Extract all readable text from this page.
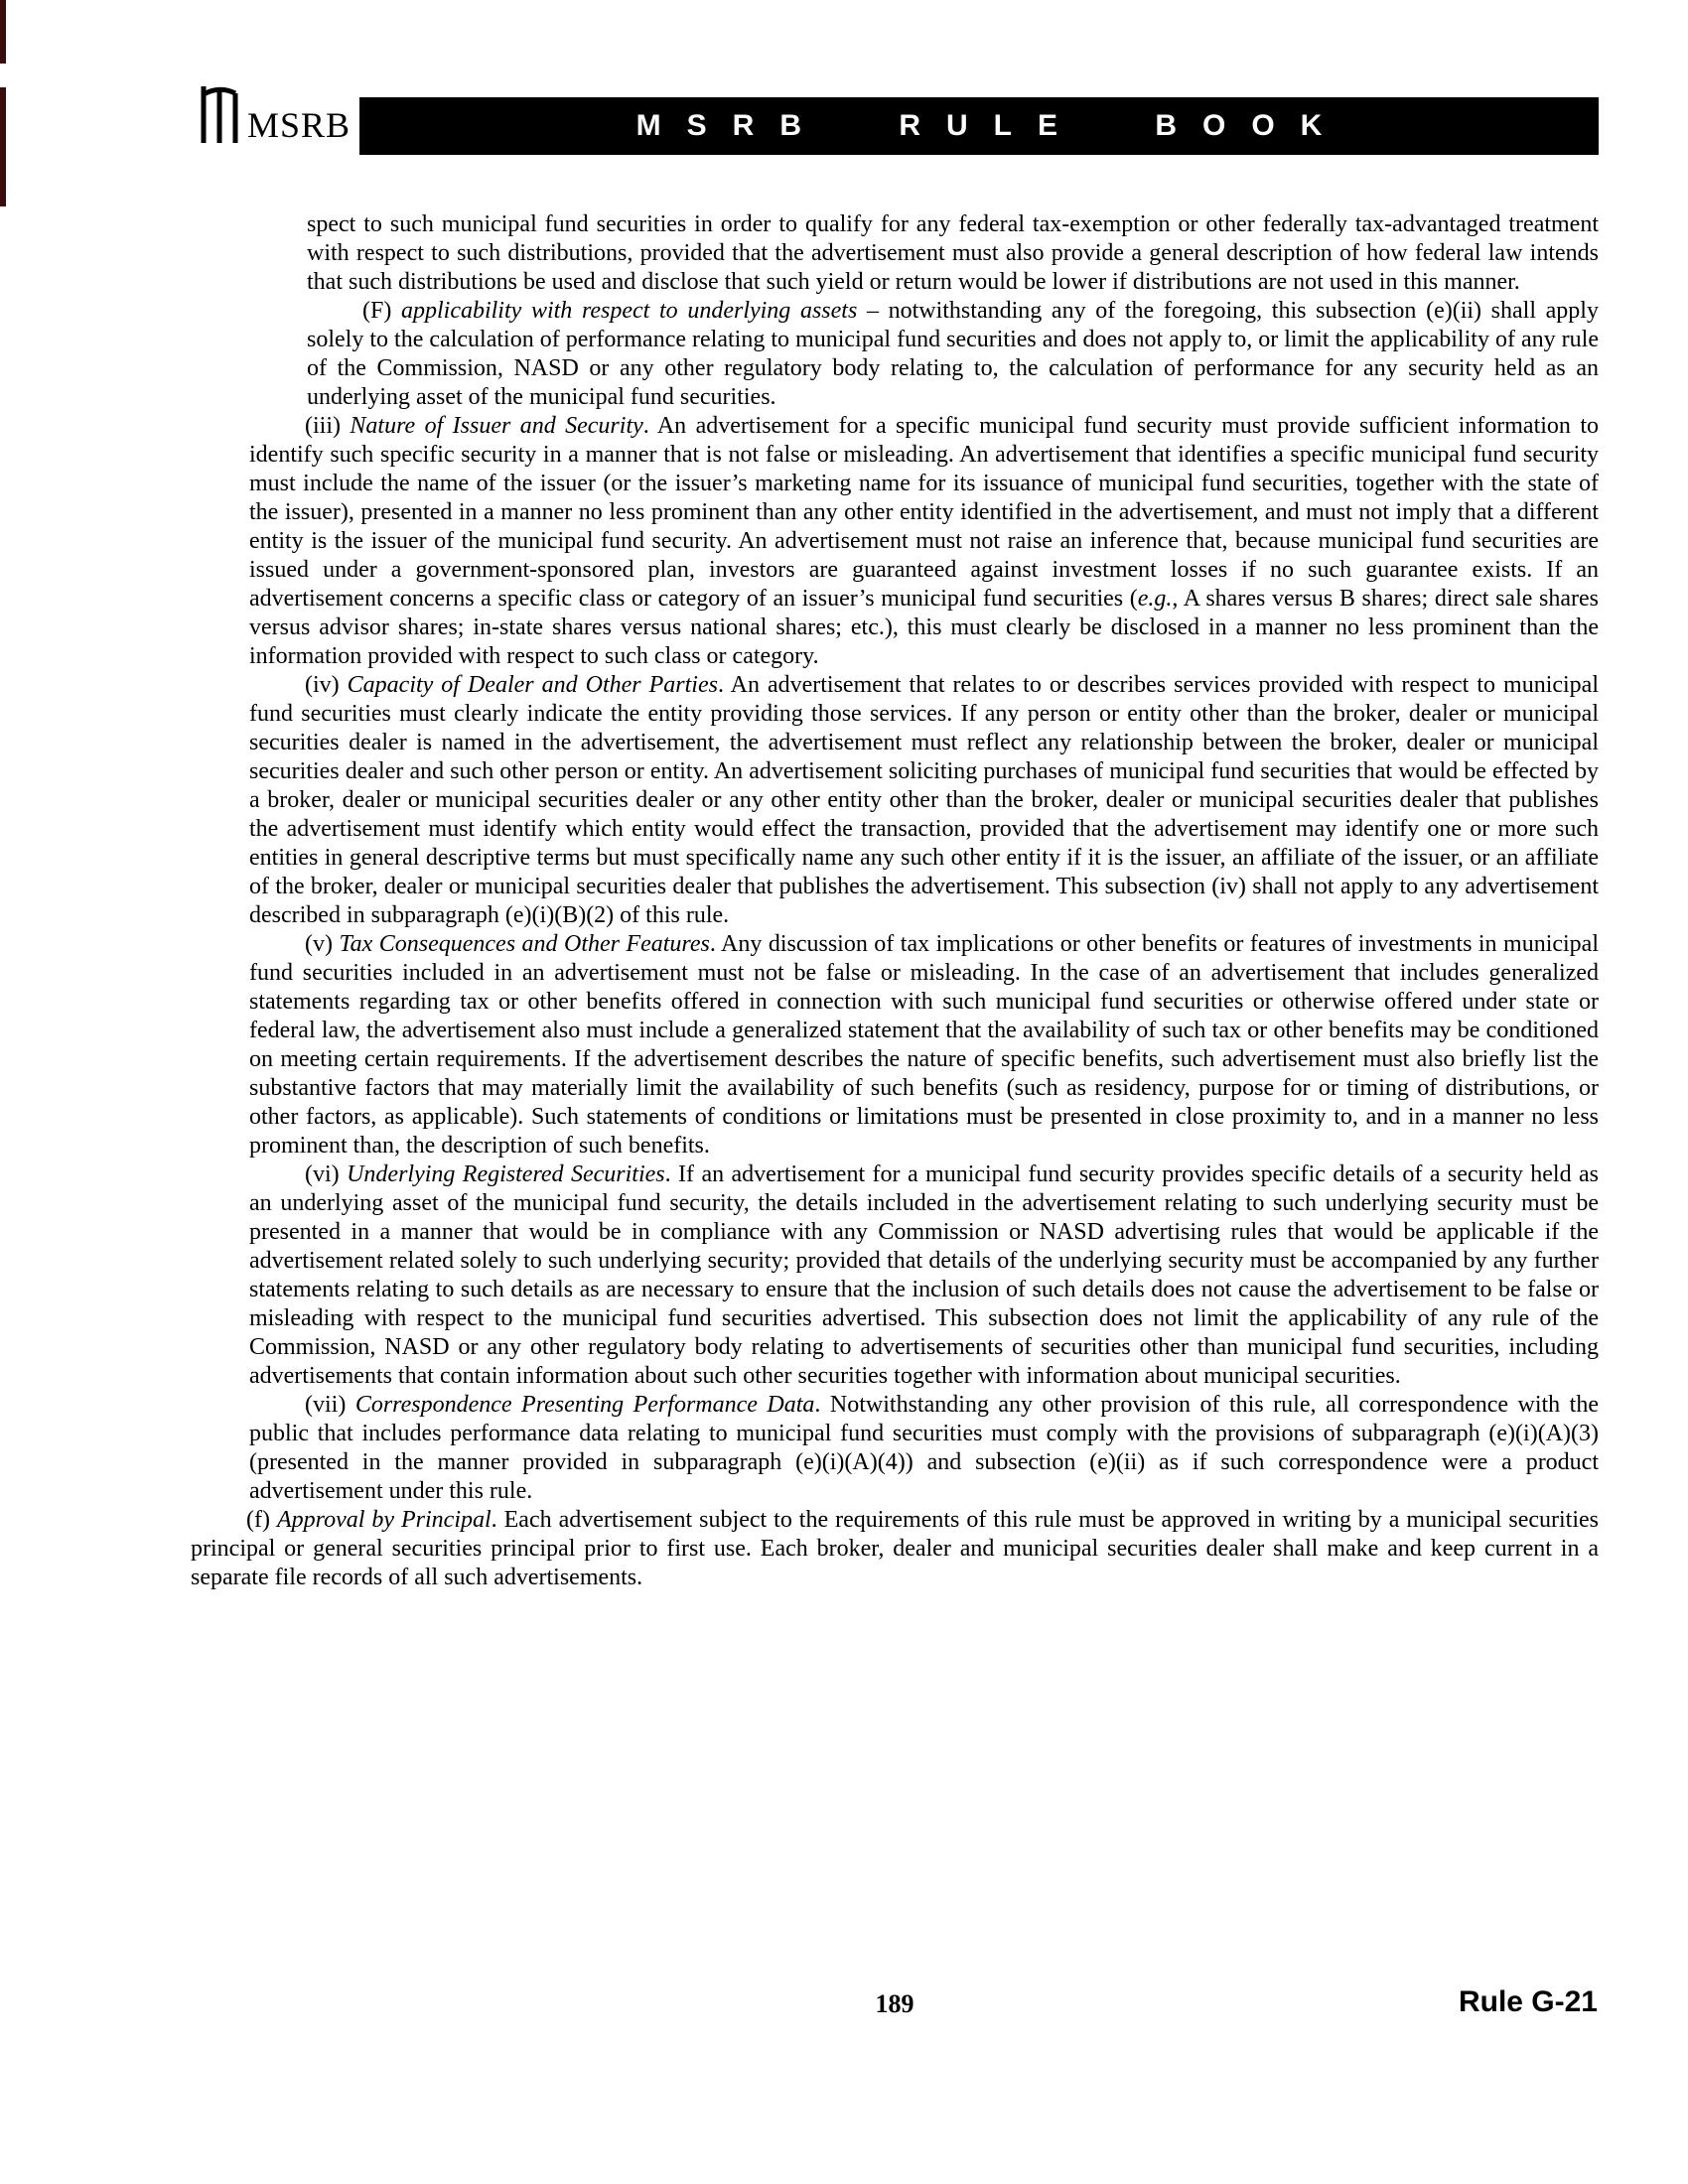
MSRB	MSRB RULE BOOK

spect to such municipal fund securities in order to qualify for any federal tax-exemption or other federally tax-advantaged treatment with respect to such distributions, provided that the advertisement must also provide a general description of how federal law intends that such distributions be used and disclose that such yield or return would be lower if distributions are not used in this manner.

(F) applicability with respect to underlying assets – notwithstanding any of the foregoing, this subsection (e)(ii) shall apply solely to the calculation of performance relating to municipal fund securities and does not apply to, or limit the applicability of any rule of the Commission, NASD or any other regulatory body relating to, the calculation of performance for any security held as an underlying asset of the municipal fund securities.

(iii) Nature of Issuer and Security. An advertisement for a specific municipal fund security must provide sufficient information to identify such specific security in a manner that is not false or misleading. An advertisement that identifies a specific municipal fund security must include the name of the issuer (or the issuer’s marketing name for its issuance of municipal fund securities, together with the state of the issuer), presented in a manner no less prominent than any other entity identified in the advertisement, and must not imply that a different entity is the issuer of the municipal fund security. An advertisement must not raise an inference that, because municipal fund securities are issued under a government-sponsored plan, investors are guaranteed against investment losses if no such guarantee exists. If an advertisement concerns a specific class or category of an issuer’s municipal fund securities (e.g., A shares versus B shares; direct sale shares versus advisor shares; in-state shares versus national shares; etc.), this must clearly be disclosed in a manner no less prominent than the information provided with respect to such class or category.

(iv) Capacity of Dealer and Other Parties. An advertisement that relates to or describes services provided with respect to municipal fund securities must clearly indicate the entity providing those services. If any person or entity other than the broker, dealer or municipal securities dealer is named in the advertisement, the advertisement must reflect any relationship between the broker, dealer or municipal securities dealer and such other person or entity. An advertisement soliciting purchases of municipal fund securities that would be effected by a broker, dealer or municipal securities dealer or any other entity other than the broker, dealer or municipal securities dealer that publishes the advertisement must identify which entity would effect the transaction, provided that the advertisement may identify one or more such entities in general descriptive terms but must specifically name any such other entity if it is the issuer, an affiliate of the issuer, or an affiliate of the broker, dealer or municipal securities dealer that publishes the advertisement. This subsection (iv) shall not apply to any advertisement described in subparagraph (e)(i)(B)(2) of this rule.

(v) Tax Consequences and Other Features. Any discussion of tax implications or other benefits or features of investments in municipal fund securities included in an advertisement must not be false or misleading. In the case of an advertisement that includes generalized statements regarding tax or other benefits offered in connection with such municipal fund securities or otherwise offered under state or federal law, the advertisement also must include a generalized statement that the availability of such tax or other benefits may be conditioned on meeting certain requirements. If the advertisement describes the nature of specific benefits, such advertisement must also briefly list the substantive factors that may materially limit the availability of such benefits (such as residency, purpose for or timing of distributions, or other factors, as applicable). Such statements of conditions or limitations must be presented in close proximity to, and in a manner no less prominent than, the description of such benefits.

(vi) Underlying Registered Securities. If an advertisement for a municipal fund security provides specific details of a security held as an underlying asset of the municipal fund security, the details included in the advertisement relating to such underlying security must be presented in a manner that would be in compliance with any Commission or NASD advertising rules that would be applicable if the advertisement related solely to such underlying security; provided that details of the underlying security must be accompanied by any further statements relating to such details as are necessary to ensure that the inclusion of such details does not cause the advertisement to be false or misleading with respect to the municipal fund securities advertised. This subsection does not limit the applicability of any rule of the Commission, NASD or any other regulatory body relating to advertisements of securities other than municipal fund securities, including advertisements that contain information about such other securities together with information about municipal securities.

(vii) Correspondence Presenting Performance Data. Notwithstanding any other provision of this rule, all correspondence with the public that includes performance data relating to municipal fund securities must comply with the provisions of subparagraph (e)(i)(A)(3) (presented in the manner provided in subparagraph (e)(i)(A)(4)) and subsection (e)(ii) as if such correspondence were a product advertisement under this rule.

(f) Approval by Principal. Each advertisement subject to the requirements of this rule must be approved in writing by a municipal securities principal or general securities principal prior to first use. Each broker, dealer and municipal securities dealer shall make and keep current in a separate file records of all such advertisements.

189	Rule G-21
